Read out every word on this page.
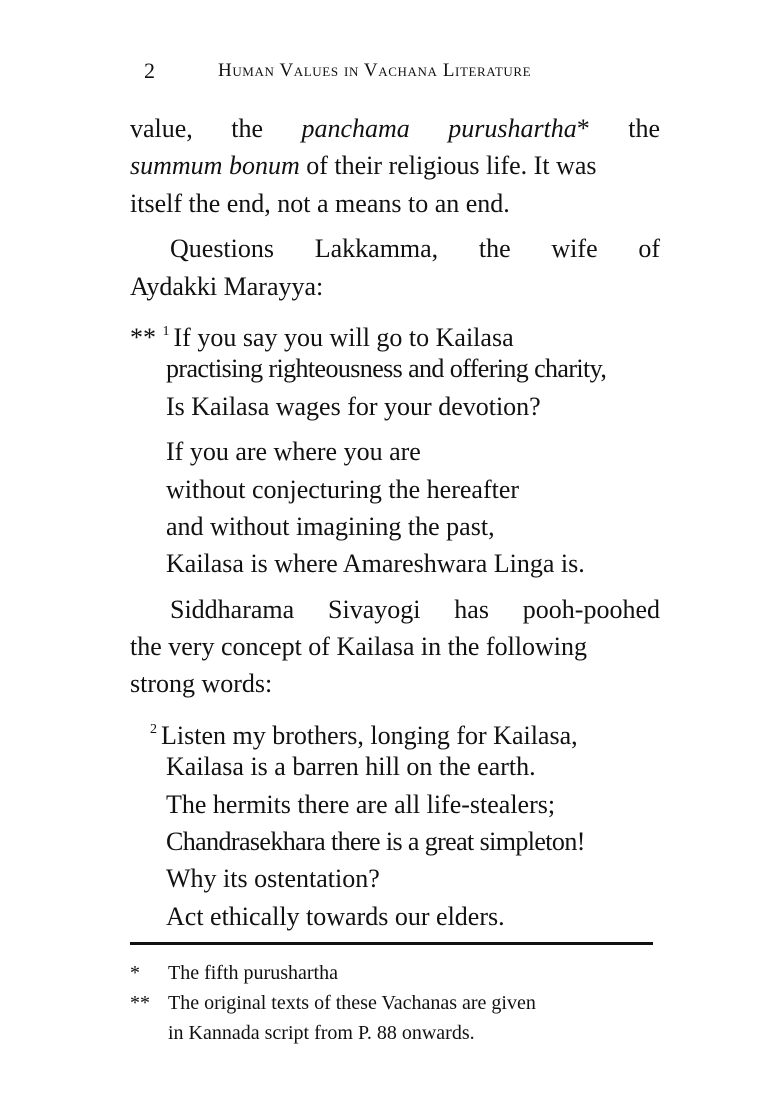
2	Human Values in Vachana Literature
value, the panchama purushartha* the
summum bonum of their religious life. It was
itself the end, not a means to an end.
Questions Lakkamma, the wife of
Aydakki Marayya:
** $^1$ If you say you will go to Kailasa
practising righteousness and offering charity,
Is Kailasa wages for your devotion?
If you are where you are
without conjecturing the hereafter
and without imagining the past,
Kailasa is where Amareshwara Linga is.
Siddharama Sivayogi has pooh-poohed
the very concept of Kailasa in the following
strong words:
$^2$ Listen my brothers, longing for Kailasa,
Kailasa is a barren hill on the earth.
The hermits there are all life-stealers;
Chandrasekhara there is a great simpleton!
Why its ostentation?
Act ethically towards our elders.
* The fifth purushartha
** The original texts of these Vachanas are given
in Kannada script from P. 88 onwards.
